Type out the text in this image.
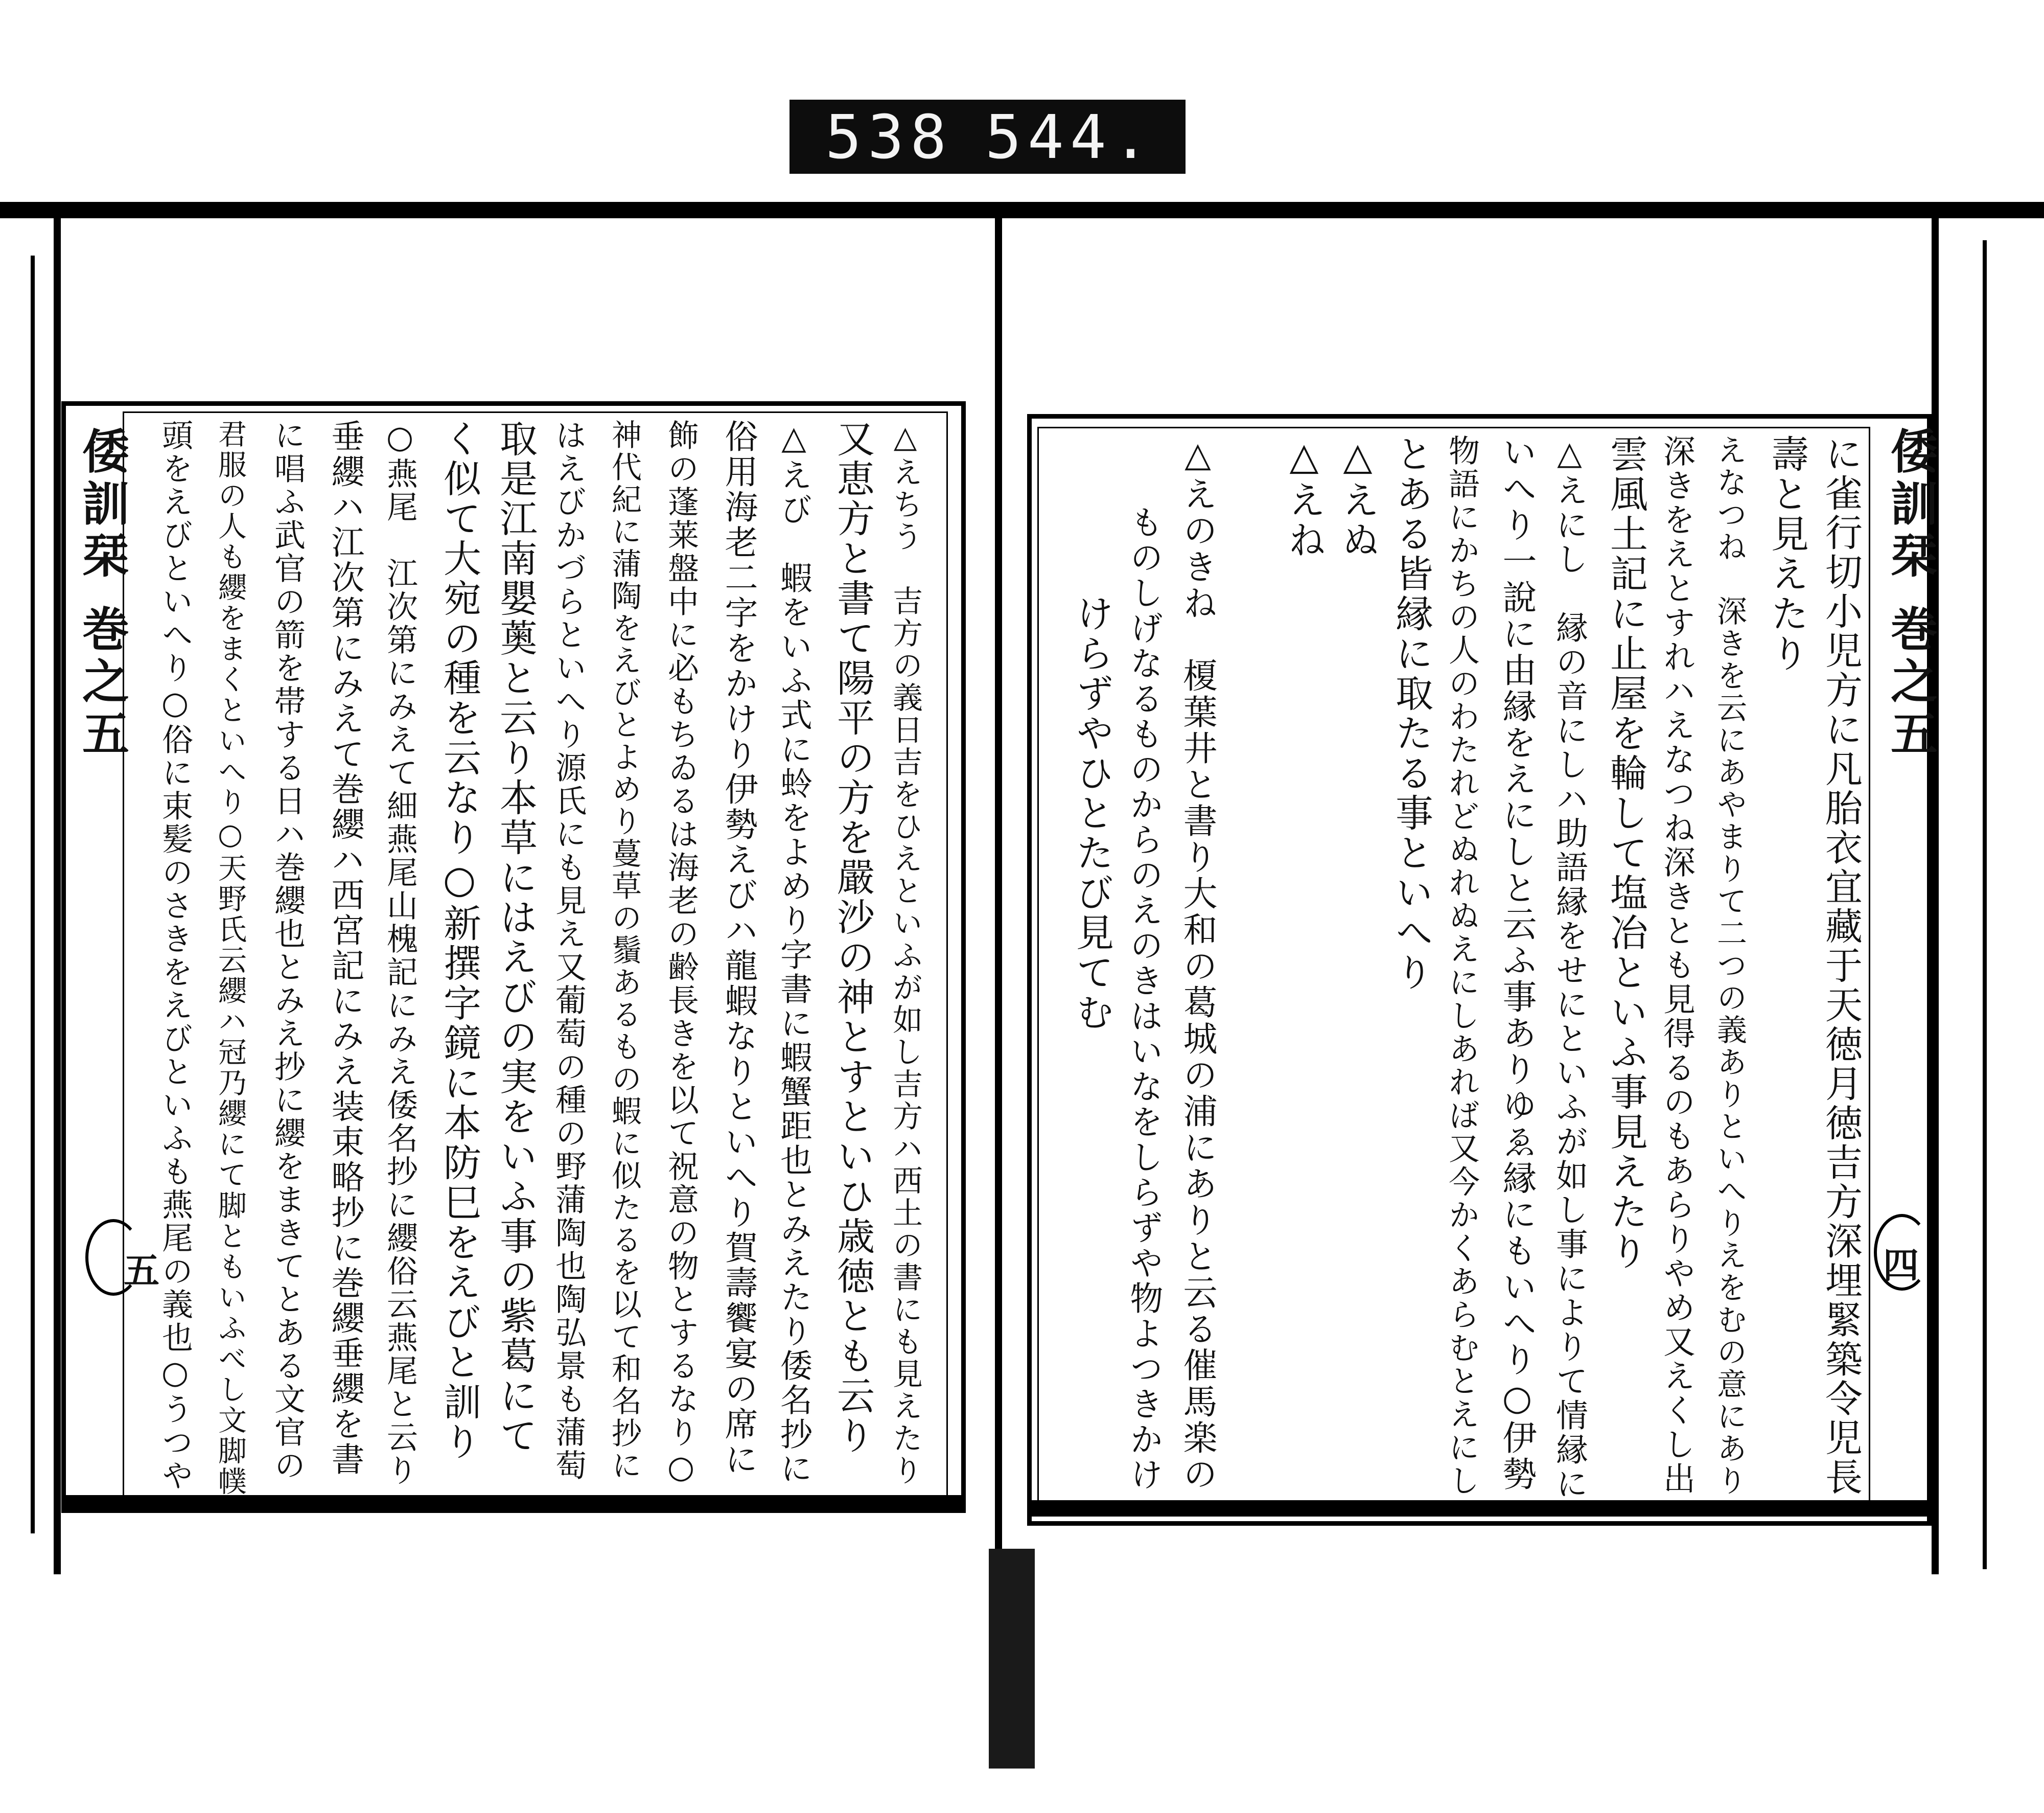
538 544.
倭訓栞 巻之五
五	△えちう　吉方の義日吉をひえといふが如し吉方ハ西土の書にも見えたり
又恵方と書て陽平の方を嚴沙の神とすといひ歳徳とも云り
△えび　蝦をいふ式に蛉をよめり字書に蝦蟹距也とみえたり倭名抄に
俗用海老二字をかけり伊勢えびハ龍蝦なりといへり賀壽饗宴の席に
飾の蓬莱盤中に必もちゐるは海老の齢長きを以て祝意の物とするなり○
神代紀に蒲陶をえびとよめり蔓草の鬚あるもの蝦に似たるを以て和名抄に
はえびかづらといへり源氏にも見え又葡萄の種の野蒲陶也陶弘景も蒲萄
取是江南嬰薁と云り本草にはえびの実をいふ事の紫葛にて
く似て大宛の種を云なり○新撰字鏡に本防巳をえびと訓り
○燕尾　江次第にみえて細燕尾山槐記にみえ倭名抄に纓俗云燕尾と云り
垂纓ハ江次第にみえて巻纓ハ西宮記にみえ装束略抄に巻纓垂纓を書
に唱ふ武官の箭を帯する日ハ巻纓也とみえ抄に纓をまきてとある文官の
君服の人も纓をまくといへり○天野氏云纓ハ冠乃纓にて脚ともいふべし文脚幞
頭をえびといへり○俗に束髪のさきをえびといふも燕尾の義也○うつや	倭訓栞 巻之五
四
に雀行切小児方に凡胎衣宜藏于天徳月徳吉方深埋緊築令児長
壽と見えたり
えなつね　深きを云にあやまりて二つの義ありといへりえをむの意にあり
深きをえとすれハえなつね深きとも見得るのもあらりやめ又えくし出
雲風土記に止屋を輪して塩冶といふ事見えたり
△えにし　縁の音にしハ助語縁をせにといふが如し事によりて情縁に
いへり一說に由縁をえにしと云ふ事ありゆゑ縁にもいへり○伊勢
物語にかちの人のわたれどぬれぬえにしあれば又今かくあらむとえにし
とある皆縁に取たる事といへり
△えぬ
△えね
△えのきね　榎葉井と書り大和の葛城の浦にありと云る催馬楽の
　　ものしげなるものからのえのきはいなをしらずや物よつきかけ
　　　　けらずやひとたび見てむ
